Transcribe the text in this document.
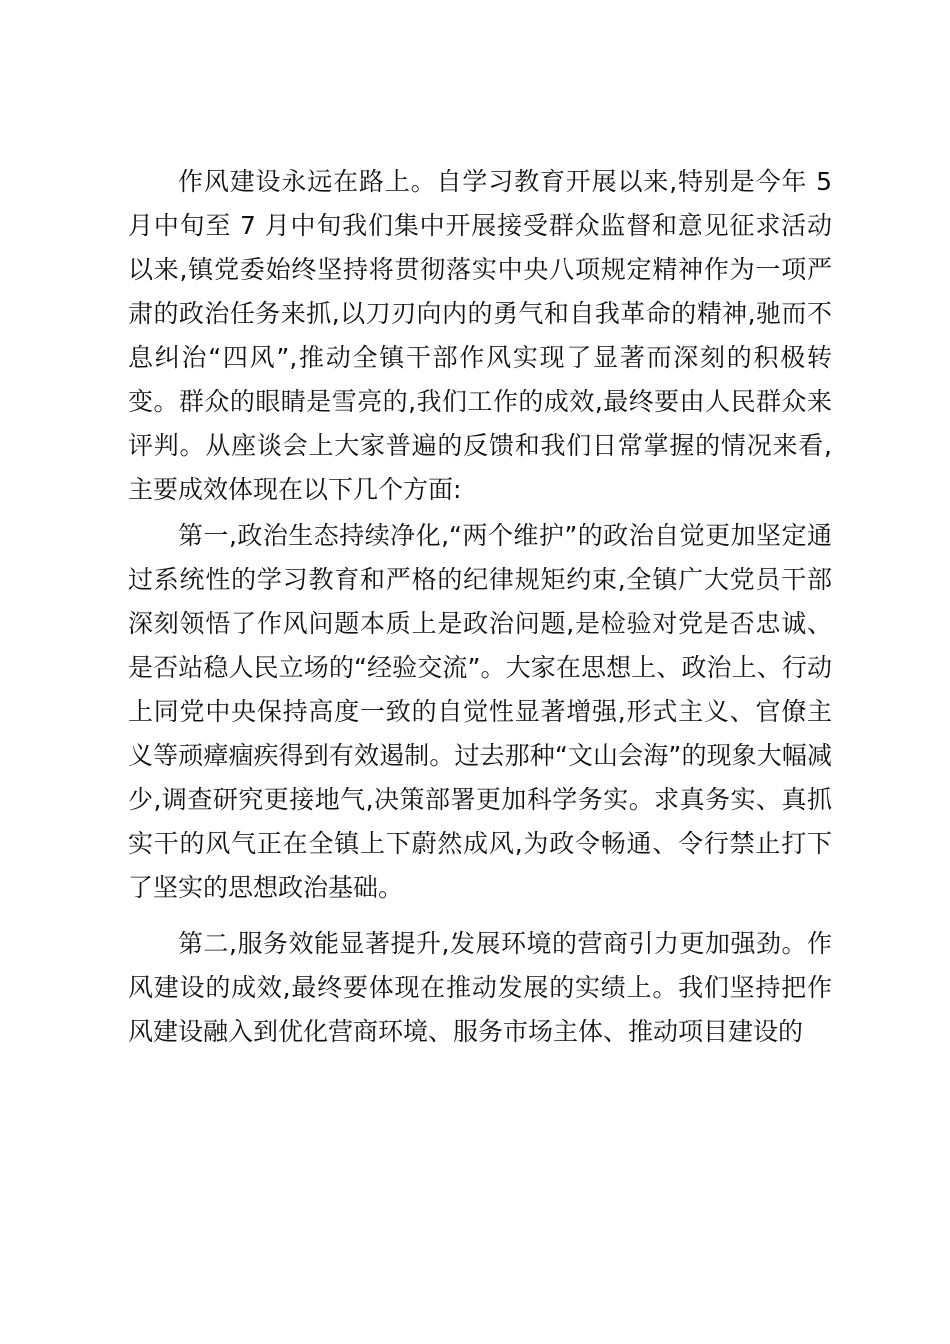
作风建设永远在路上。自学习教育开展以来,特别是今年 5 月中旬至 7 月中旬我们集中开展接受群众监督和意见征求活动以来,镇党委始终坚持将贯彻落实中央八项规定精神作为一项严肃的政治任务来抓,以刀刃向内的勇气和自我革命的精神,驰而不息纠治“四风”,推动全镇干部作风实现了显著而深刻的积极转变。群众的眼睛是雪亮的,我们工作的成效,最终要由人民群众来评判。从座谈会上大家普遍的反馈和我们日常掌握的情况来看,主要成效体现在以下几个方面:

第一,政治生态持续净化,“两个维护”的政治自觉更加坚定通过系统性的学习教育和严格的纪律规矩约束,全镇广大党员干部深刻领悟了作风问题本质上是政治问题,是检验对党是否忠诚、是否站稳人民立场的“经验交流”。大家在思想上、政治上、行动上同党中央保持高度一致的自觉性显著增强,形式主义、官僚主义等顽瘴痼疾得到有效遏制。过去那种“文山会海”的现象大幅减少,调查研究更接地气,决策部署更加科学务实。求真务实、真抓实干的风气正在全镇上下蔚然成风,为政令畅通、令行禁止打下了坚实的思想政治基础。

第二,服务效能显著提升,发展环境的营商引力更加强劲。作风建设的成效,最终要体现在推动发展的实绩上。我们坚持把作风建设融入到优化营商环境、服务市场主体、推动项目建设的
